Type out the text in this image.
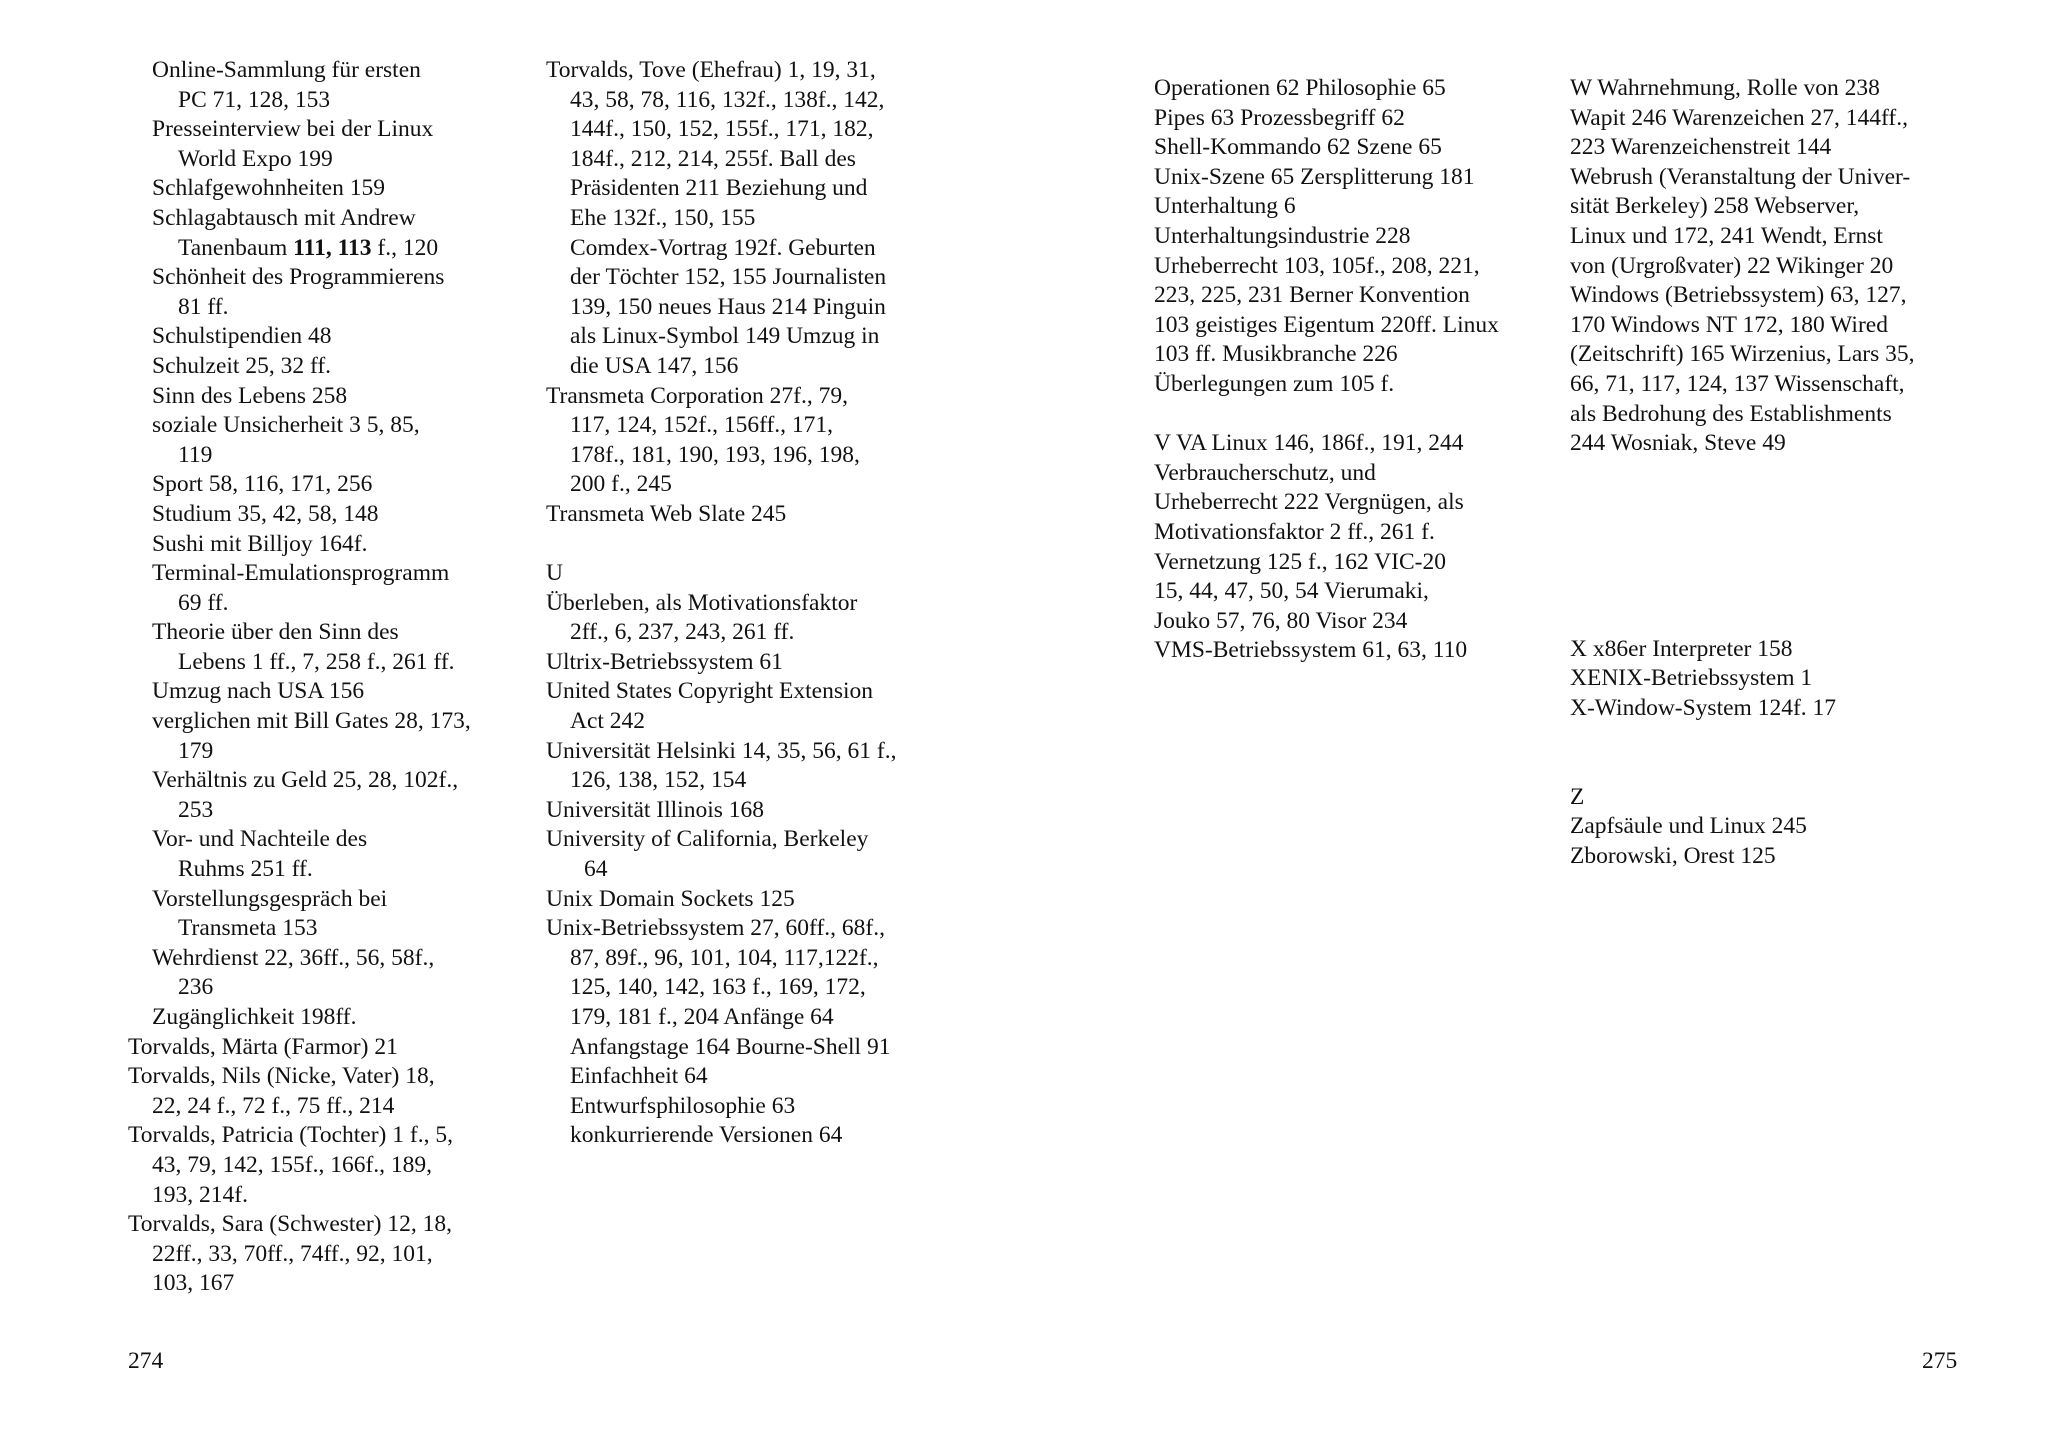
Online-Sammlung für ersten
PC 71, 128, 153
Presseinterview bei der Linux
World Expo 199
Schlafgewohnheiten 159
Schlagabtausch mit Andrew
Tanenbaum 111, 113 f., 120
Schönheit des Programmierens
81 ff.
Schulstipendien 48
Schulzeit 25, 32 ff.
Sinn des Lebens 258
soziale Unsicherheit 3 5, 85,
119
Sport 58, 116, 171, 256
Studium 35, 42, 58, 148
Sushi mit Billjoy 164f.
Terminal-Emulationsprogramm
69 ff.
Theorie über den Sinn des
Lebens 1 ff., 7, 258 f., 261 ff.
Umzug nach USA 156
verglichen mit Bill Gates 28, 173,
179
Verhältnis zu Geld 25, 28, 102f.,
253
Vor- und Nachteile des
Ruhms 251 ff.
Vorstellungsgespräch bei
Transmeta 153
Wehrdienst 22, 36ff., 56, 58f.,
236
Zugänglichkeit 198ff.
Torvalds, Märta (Farmor) 21
Torvalds, Nils (Nicke, Vater) 18,
22, 24 f., 72 f., 75 ff., 214
Torvalds, Patricia (Tochter) 1 f., 5,
43, 79, 142, 155f., 166f., 189,
193, 214f.
Torvalds, Sara (Schwester) 12, 18,
22ff., 33, 70ff., 74ff., 92, 101,
103, 167
Torvalds, Tove (Ehefrau) 1, 19, 31,
43, 58, 78, 116, 132f., 138f., 142,
144f., 150, 152, 155f., 171, 182,
184f., 212, 214, 255f. Ball des
Präsidenten 211 Beziehung und
Ehe 132f., 150, 155
Comdex-Vortrag 192f. Geburten
der Töchter 152, 155 Journalisten
139, 150 neues Haus 214 Pinguin
als Linux-Symbol 149 Umzug in
die USA 147, 156
Transmeta Corporation 27f., 79,
117, 124, 152f., 156ff., 171,
178f., 181, 190, 193, 196, 198,
200 f., 245
Transmeta Web Slate 245
U
Überleben, als Motivationsfaktor
2ff., 6, 237, 243, 261 ff.
Ultrix-Betriebssystem 61
United States Copyright Extension
Act 242
Universität Helsinki 14, 35, 56, 61 f.,
126, 138, 152, 154
Universität Illinois 168
University of California, Berkeley
64
Unix Domain Sockets 125
Unix-Betriebssystem 27, 60ff., 68f.,
87, 89f., 96, 101, 104, 117,122f.,
125, 140, 142, 163 f., 169, 172,
179, 181 f., 204 Anfänge 64
Anfangstage 164 Bourne-Shell 91
Einfachheit 64
Entwurfsphilosophie 63
konkurrierende Versionen 64
274
Operationen 62 Philosophie 65
Pipes 63 Prozessbegriff 62
Shell-Kommando 62 Szene 65
Unix-Szene 65 Zersplitterung 181
Unterhaltung 6
Unterhaltungsindustrie 228
Urheberrecht 103, 105f., 208, 221,
223, 225, 231 Berner Konvention
103 geistiges Eigentum 220ff. Linux
103 ff. Musikbranche 226
Überlegungen zum 105 f.
V VA Linux 146, 186f., 191, 244
Verbraucherschutz, und
Urheberrecht 222 Vergnügen, als
Motivationsfaktor 2 ff., 261 f.
Vernetzung 125 f., 162 VIC-20
15, 44, 47, 50, 54 Vierumaki,
Jouko 57, 76, 80 Visor 234
VMS-Betriebssystem 61, 63, 110
W Wahrnehmung, Rolle von 238
Wapit 246 Warenzeichen 27, 144ff.,
223 Warenzeichenstreit 144
Webrush (Veranstaltung der Univer-
sität Berkeley) 258 Webserver,
Linux und 172, 241 Wendt, Ernst
von (Urgroßvater) 22 Wikinger 20
Windows (Betriebssystem) 63, 127,
170 Windows NT 172, 180 Wired
(Zeitschrift) 165 Wirzenius, Lars 35,
66, 71, 117, 124, 137 Wissenschaft,
als Bedrohung des Establishments
244 Wosniak, Steve 49
X x86er Interpreter 158
XENIX-Betriebssystem 1
X-Window-System 124f. 17
Z
Zapfsäule und Linux 245
Zborowski, Orest 125
275
